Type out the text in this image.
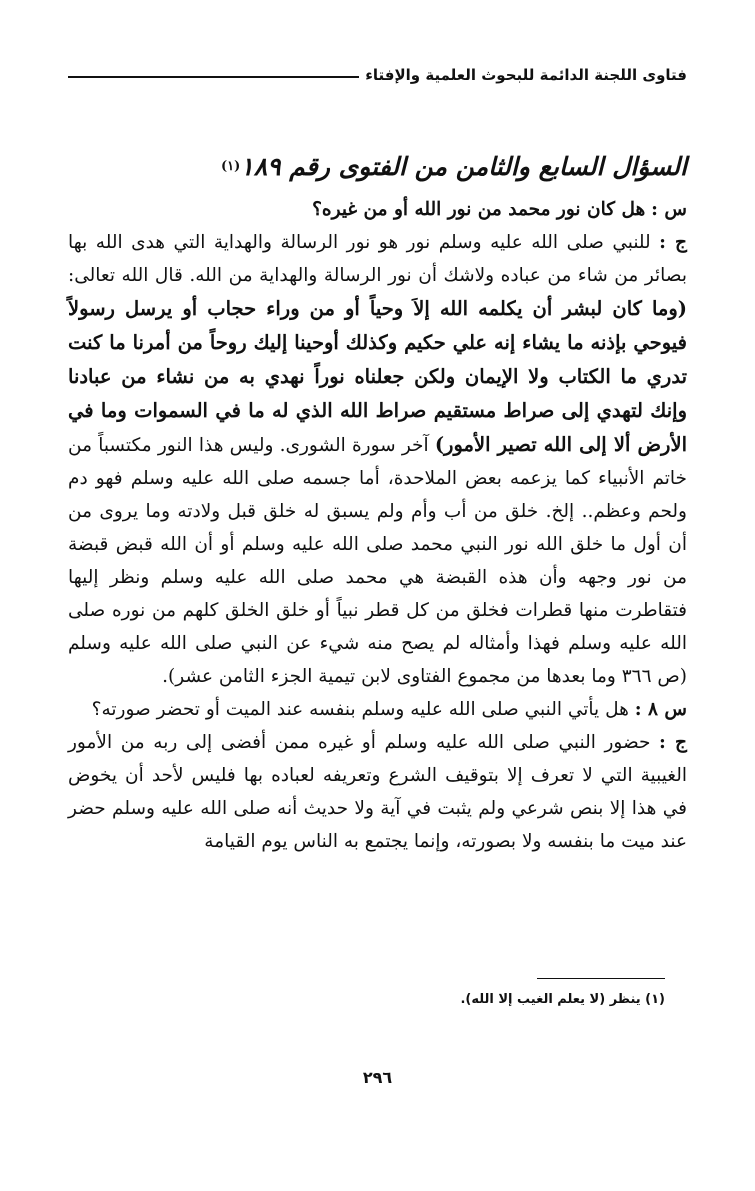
فتاوى اللجنة الدائمة للبحوث العلمية والإفتاء
السؤال السابع والثامن من الفتوى رقم ١٨٩$^{(١)}$

س : هل كان نور محمد من نور الله أو من غيره؟

ج : للنبي صلى الله عليه وسلم نور هو نور الرسالة والهداية التي هدى الله بها بصائر من شاء من عباده ولاشك أن نور الرسالة والهداية من الله. قال الله تعالى: (وما كان لبشر أن يكلمه الله إلاَ وحياً أو من وراء حجاب أو يرسل رسولاً فيوحي بإذنه ما يشاء إنه علي حكيم وكذلك أوحينا إليك روحاً من أمرنا ما كنت تدري ما الكتاب ولا الإيمان ولكن جعلناه نوراً نهدي به من نشاء من عبادنا وإنك لتهدي إلى صراط مستقيم صراط الله الذي له ما في السموات وما في الأرض ألا إلى الله تصير الأمور) آخر سورة الشورى. وليس هذا النور مكتسباً من خاتم الأنبياء كما يزعمه بعض الملاحدة، أما جسمه صلى الله عليه وسلم فهو دم ولحم وعظم.. إلخ. خلق من أب وأم ولم يسبق له خلق قبل ولادته وما يروى من أن أول ما خلق الله نور النبي محمد صلى الله عليه وسلم أو أن الله قبض قبضة من نور وجهه وأن هذه القبضة هي محمد صلى الله عليه وسلم ونظر إليها فتقاطرت منها قطرات فخلق من كل قطر نبياً أو خلق الخلق كلهم من نوره صلى الله عليه وسلم فهذا وأمثاله لم يصح منه شيء عن النبي صلى الله عليه وسلم (ص ٣٦٦ وما بعدها من مجموع الفتاوى لابن تيمية الجزء الثامن عشر).

س ٨ : هل يأتي النبي صلى الله عليه وسلم بنفسه عند الميت أو تحضر صورته؟

ج : حضور النبي صلى الله عليه وسلم أو غيره ممن أفضى إلى ربه من الأمور الغيبية التي لا تعرف إلا بتوقيف الشرع وتعريفه لعباده بها فليس لأحد أن يخوض في هذا إلا بنص شرعي ولم يثبت في آية ولا حديث أنه صلى الله عليه وسلم حضر عند ميت ما بنفسه ولا بصورته، وإنما يجتمع به الناس يوم القيامة

(١) ينظر (لا يعلم الغيب إلا الله).
٢٩٦
